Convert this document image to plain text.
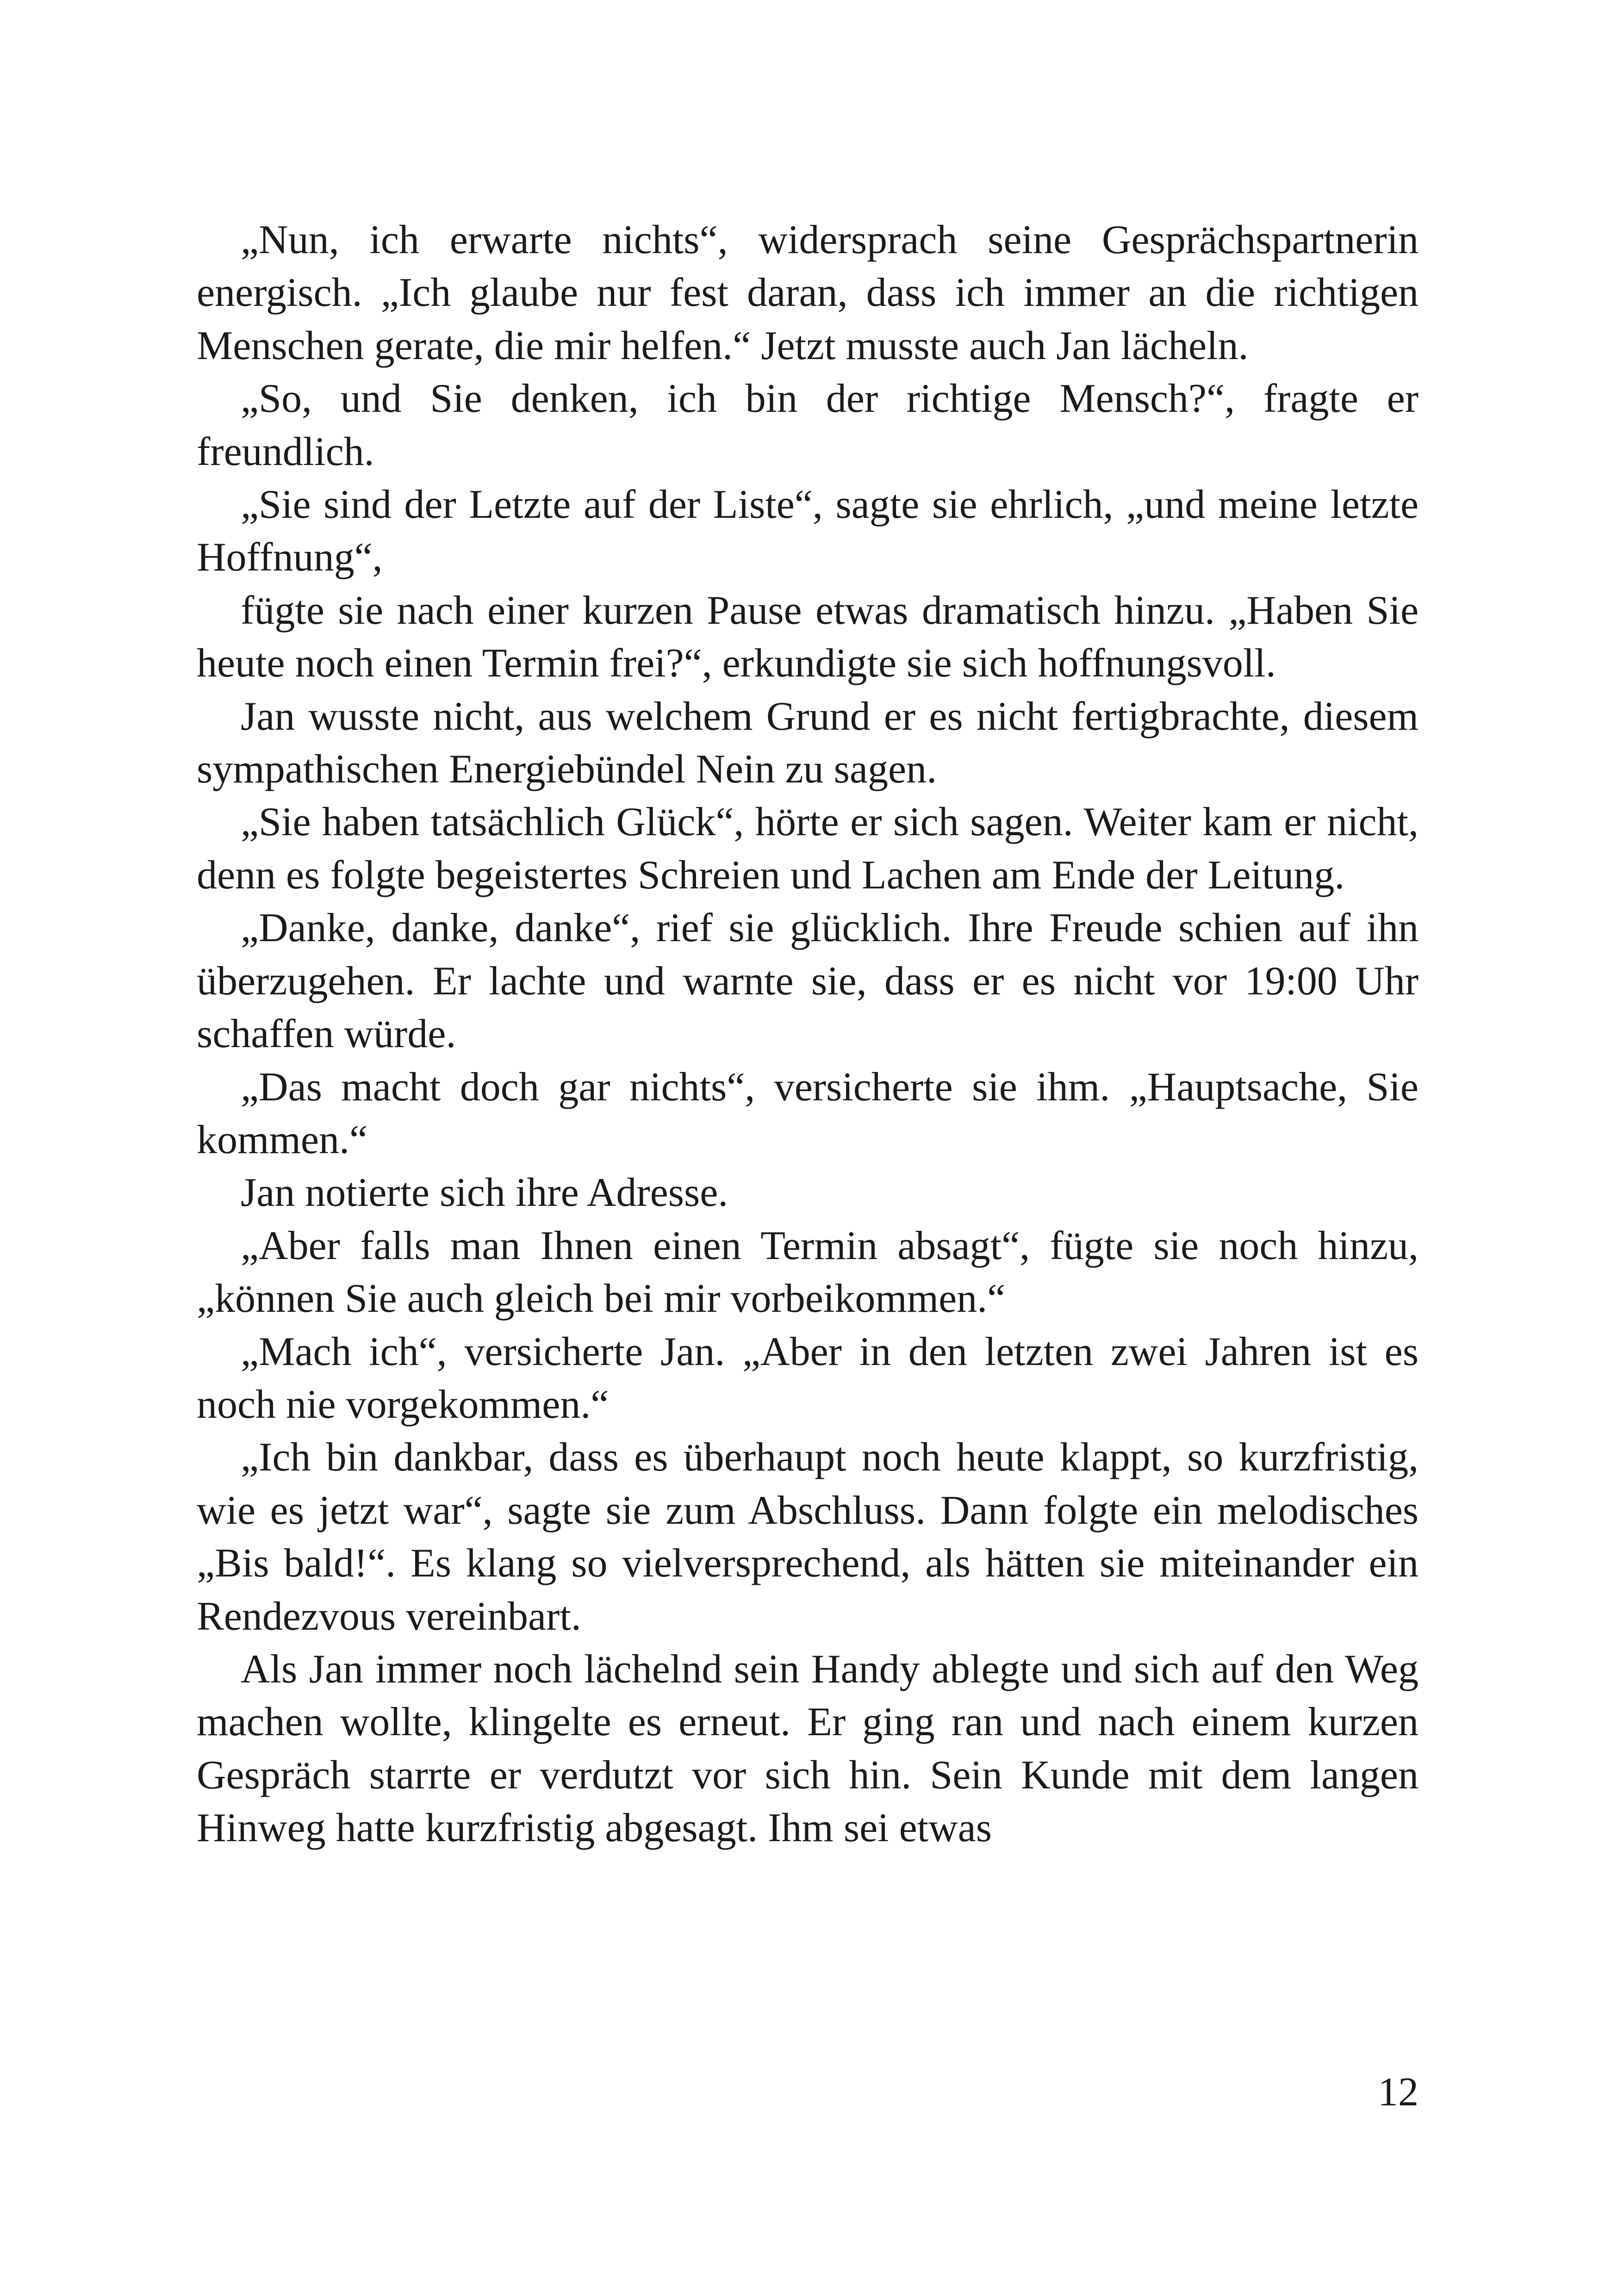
„Nun, ich erwarte nichts“, widersprach seine Gesprächspartnerin energisch. „Ich glaube nur fest daran, dass ich immer an die richtigen Menschen gerate, die mir helfen.“ Jetzt musste auch Jan lächeln.

„So, und Sie denken, ich bin der richtige Mensch?“, fragte er freundlich.

„Sie sind der Letzte auf der Liste“, sagte sie ehrlich, „und meine letzte Hoffnung“,

fügte sie nach einer kurzen Pause etwas dramatisch hinzu. „Haben Sie heute noch einen Termin frei?“, erkundigte sie sich hoffnungsvoll.

Jan wusste nicht, aus welchem Grund er es nicht fertigbrachte, diesem sympathischen Energiebündel Nein zu sagen.

„Sie haben tatsächlich Glück“, hörte er sich sagen. Weiter kam er nicht, denn es folgte begeistertes Schreien und Lachen am Ende der Leitung.

„Danke, danke, danke“, rief sie glücklich. Ihre Freude schien auf ihn überzugehen. Er lachte und warnte sie, dass er es nicht vor 19:00 Uhr schaffen würde.

„Das macht doch gar nichts“, versicherte sie ihm. „Hauptsache, Sie kommen.“

Jan notierte sich ihre Adresse.

„Aber falls man Ihnen einen Termin absagt“, fügte sie noch hinzu, „können Sie auch gleich bei mir vorbeikommen.“

„Mach ich“, versicherte Jan. „Aber in den letzten zwei Jahren ist es noch nie vorgekommen.“

„Ich bin dankbar, dass es überhaupt noch heute klappt, so kurzfristig, wie es jetzt war“, sagte sie zum Abschluss. Dann folgte ein melodisches „Bis bald!“. Es klang so vielversprechend, als hätten sie miteinander ein Rendezvous vereinbart.

Als Jan immer noch lächelnd sein Handy ablegte und sich auf den Weg machen wollte, klingelte es erneut. Er ging ran und nach einem kurzen Gespräch starrte er verdutzt vor sich hin. Sein Kunde mit dem langen Hinweg hatte kurzfristig abgesagt. Ihm sei etwas

12
